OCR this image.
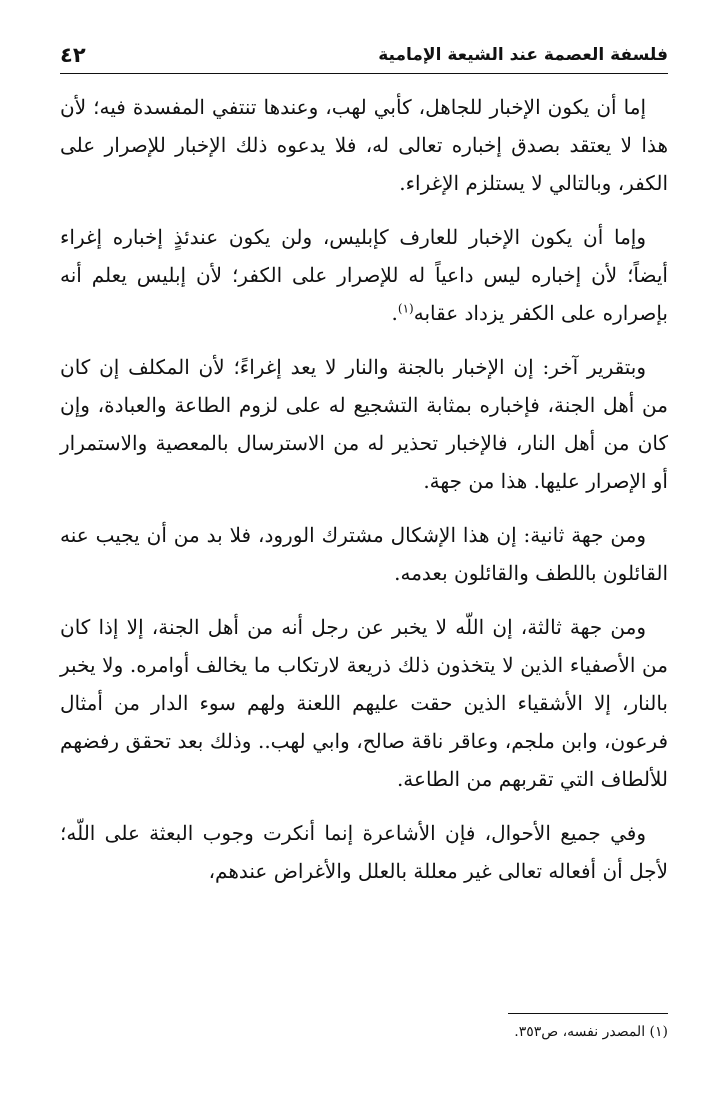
فلسفة العصمة عند الشيعة الإمامية
٤٢

إما أن يكون الإخبار للجاهل، كأبي لهب، وعندها تنتفي المفسدة فيه؛ لأن هذا لا يعتقد بصدق إخباره تعالى له، فلا يدعوه ذلك الإخبار للإصرار على الكفر، وبالتالي لا يستلزم الإغراء.

وإما أن يكون الإخبار للعارف كإبليس، ولن يكون عندئذٍ إخباره إغراء أيضاً؛ لأن إخباره ليس داعياً له للإصرار على الكفر؛ لأن إبليس يعلم أنه بإصراره على الكفر يزداد عقابه$^{(١)}$.

وبتقرير آخر: إن الإخبار بالجنة والنار لا يعد إغراءً؛ لأن المكلف إن كان من أهل الجنة، فإخباره بمثابة التشجيع له على لزوم الطاعة والعبادة، وإن كان من أهل النار، فالإخبار تحذير له من الاسترسال بالمعصية والاستمرار أو الإصرار عليها. هذا من جهة.

ومن جهة ثانية: إن هذا الإشكال مشترك الورود، فلا بد من أن يجيب عنه القائلون باللطف والقائلون بعدمه.

ومن جهة ثالثة، إن اللّه لا يخبر عن رجل أنه من أهل الجنة، إلا إذا كان من الأصفياء الذين لا يتخذون ذلك ذريعة لارتكاب ما يخالف أوامره. ولا يخبر بالنار، إلا الأشقياء الذين حقت عليهم اللعنة ولهم سوء الدار من أمثال فرعون، وابن ملجم، وعاقر ناقة صالح، وابي لهب.. وذلك بعد تحقق رفضهم للألطاف التي تقربهم من الطاعة.

وفي جميع الأحوال، فإن الأشاعرة إنما أنكرت وجوب البعثة على اللّه؛ لأجل أن أفعاله تعالى غير معللة بالعلل والأغراض عندهم،

(١) المصدر نفسه، ص٣٥٣.
